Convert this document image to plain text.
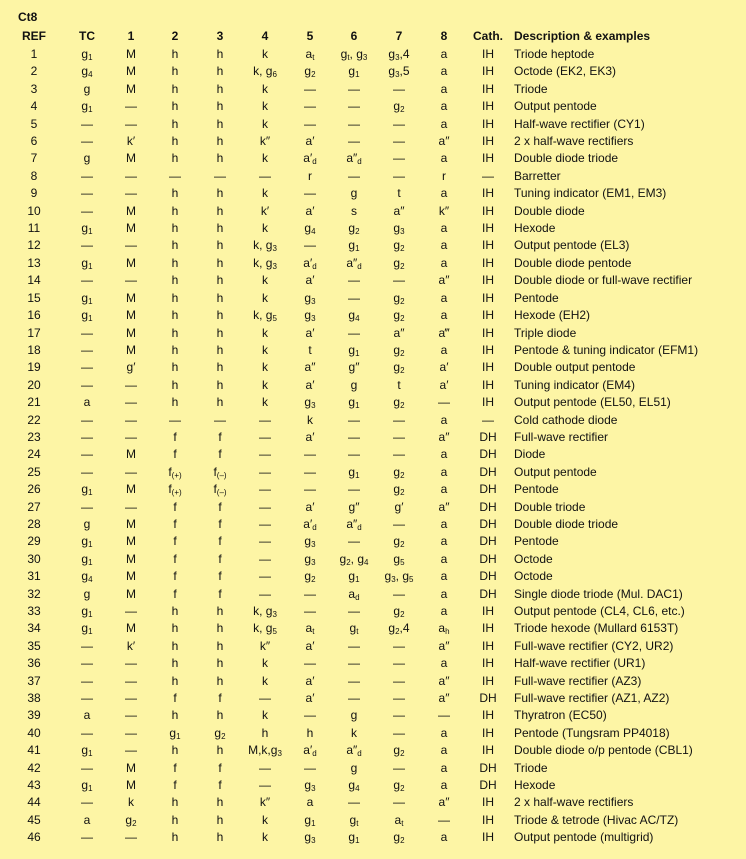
Ct8
REF	TC	1	2	3	4	5	6	7	8	Cath.	Description & examples
1	$g_1$	M	h	h	k	$a_t$	$g_t$, $g_3$	$g_3,4$	a	IH	Triode heptode
2	$g_4$	M	h	h	k, $g_6$	$g_2$	$g_1$	$g_3,5$	a	IH	Octode (EK2, EK3)
3	g	M	h	h	k	—	—	—	a	IH	Triode
4	$g_1$	—	h	h	k	—	—	$g_2$	a	IH	Output pentode
5	—	—	h	h	k	—	—	—	a	IH	Half-wave rectifier (CY1)
6	—	k′	h	h	k″	a′	—	—	a″	IH	2 x half-wave rectifiers
7	g	M	h	h	k	$a'_d$	$a''_d$	—	a	IH	Double diode triode
8	—	—	—	—	—	r	—	—	r	—	Barretter
9	—	—	h	h	k	—	g	t	a	IH	Tuning indicator (EM1, EM3)
10	—	M	h	h	k′	a′	s	a″	k″	IH	Double diode
11	$g_1$	M	h	h	k	$g_4$	$g_2$	$g_3$	a	IH	Hexode
12	—	—	h	h	k, $g_3$	—	$g_1$	$g_2$	a	IH	Output pentode (EL3)
13	$g_1$	M	h	h	k, $g_3$	$a'_d$	$a''_d$	$g_2$	a	IH	Double diode pentode
14	—	—	h	h	k	a′	—	—	a″	IH	Double diode or full-wave rectifier
15	$g_1$	M	h	h	k	$g_3$	—	$g_2$	a	IH	Pentode
16	$g_1$	M	h	h	k, $g_5$	$g_3$	$g_4$	$g_2$	a	IH	Hexode (EH2)
17	—	M	h	h	k	a′	—	a″	a‴	IH	Triple diode
18	—	M	h	h	k	t	$g_1$	$g_2$	a	IH	Pentode & tuning indicator (EFM1)
19	—	g′	h	h	k	a″	g″	$g_2$	a′	IH	Double output pentode
20	—	—	h	h	k	a′	g	t	a′	IH	Tuning indicator (EM4)
21	a	—	h	h	k	$g_3$	$g_1$	$g_2$	—	IH	Output pentode (EL50, EL51)
22	—	—	—	—	—	k	—	—	a	—	Cold cathode diode
23	—	—	f	f	—	a′	—	—	a″	DH	Full-wave rectifier
24	—	M	f	f	—	—	—	—	a	DH	Diode
25	—	—	$f_{(+)}$	$f_{(-)}$	—	—	$g_1$	$g_2$	a	DH	Output pentode
26	$g_1$	M	$f_{(+)}$	$f_{(-)}$	—	—	—	$g_2$	a	DH	Pentode
27	—	—	f	f	—	a′	g″	g′	a″	DH	Double triode
28	g	M	f	f	—	$a'_d$	$a''_d$	—	a	DH	Double diode triode
29	$g_1$	M	f	f	—	$g_3$	—	$g_2$	a	DH	Pentode
30	$g_1$	M	f	f	—	$g_3$	$g_2$, $g_4$	$g_5$	a	DH	Octode
31	$g_4$	M	f	f	—	$g_2$	$g_1$	$g_3$, $g_5$	a	DH	Octode
32	g	M	f	f	—	—	$a_d$	—	a	DH	Single diode triode (Mul. DAC1)
33	$g_1$	—	h	h	k, $g_3$	—	—	$g_2$	a	IH	Output pentode (CL4, CL6, etc.)
34	$g_1$	M	h	h	k, $g_5$	$a_t$	$g_t$	$g_2,4$	$a_h$	IH	Triode hexode (Mullard 6153T)
35	—	k′	h	h	k″	a′	—	—	a″	IH	Full-wave rectifier (CY2, UR2)
36	—	—	h	h	k	—	—	—	a	IH	Half-wave rectifier (UR1)
37	—	—	h	h	k	a′	—	—	a″	IH	Full-wave rectifier (AZ3)
38	—	—	f	f	—	a′	—	—	a″	DH	Full-wave rectifier (AZ1, AZ2)
39	a	—	h	h	k	—	g	—	—	IH	Thyratron (EC50)
40	—	—	$g_1$	$g_2$	h	h	k	—	a	IH	Pentode (Tungsram PP4018)
41	$g_1$	—	h	h	$M,k,g_3$	$a'_d$	$a''_d$	$g_2$	a	IH	Double diode o/p pentode (CBL1)
42	—	M	f	f	—	—	g	—	a	DH	Triode
43	$g_1$	M	f	f	—	$g_3$	$g_4$	$g_2$	a	DH	Hexode
44	—	k	h	h	k″	a	—	—	a″	IH	2 x half-wave rectifiers
45	a	$g_2$	h	h	k	$g_1$	$g_t$	$a_t$	—	IH	Triode & tetrode (Hivac AC/TZ)
46	—	—	h	h	k	$g_3$	$g_1$	$g_2$	a	IH	Output pentode (multigrid)
